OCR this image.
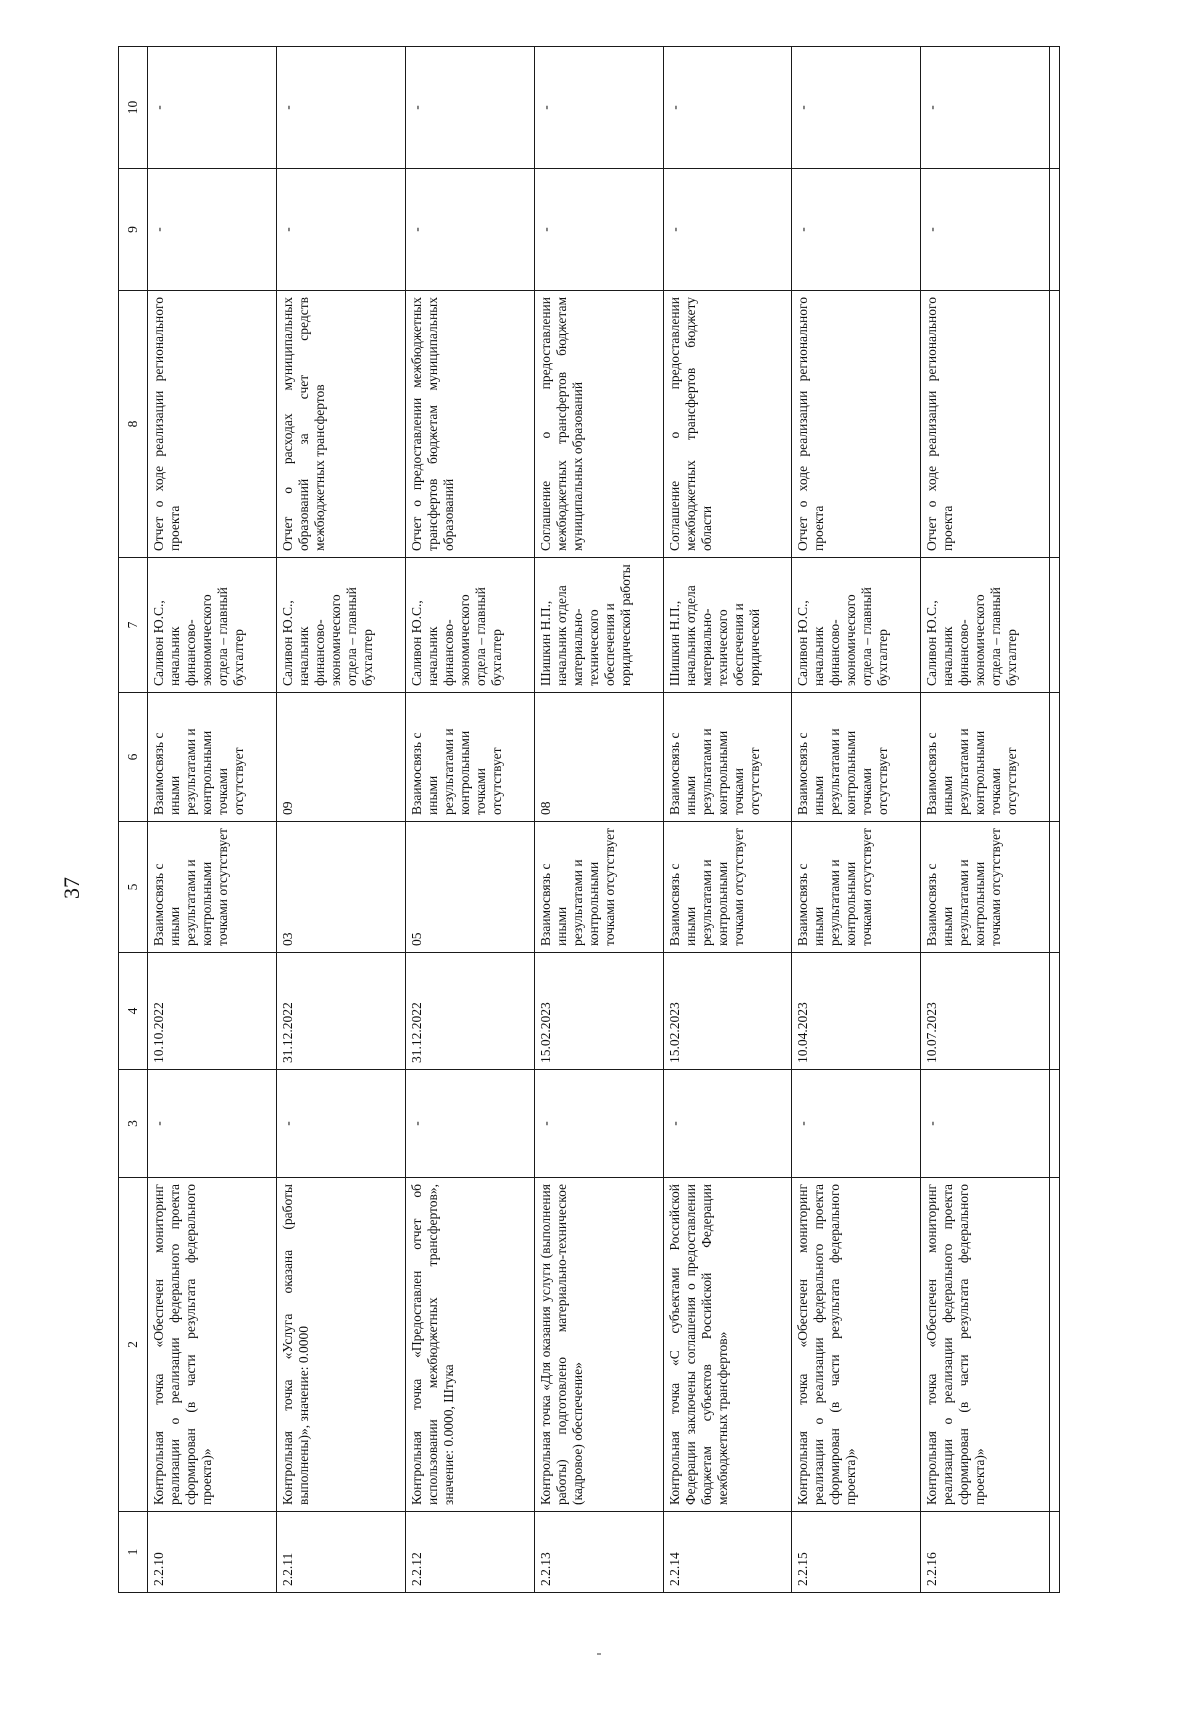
37
1	2	3	4	5	6	7	8	9	10
2.2.10	Контрольная точка «Обеспечен мониторинг реализации о реализации федерального проекта сформирован (в части результата федерального проекта)»	-	10.10.2022	Взаимосвязь с иными результатами и контрольными точками отсутствует	Взаимосвязь с иными результатами и контрольными точками отсутствует	Саливон Ю.С., начальник финансово-экономического отдела – главный бухгалтер	Отчет о ходе реализации регионального проекта	-	-
2.2.11	Контрольная точка «Услуга оказана (работы выполнены)», значение: 0.0000	-	31.12.2022	03	09	Саливон Ю.С., начальник финансово-экономического отдела – главный бухгалтер	Отчет о расходах муниципальных образований за счет средств межбюджетных трансфертов	-	-
2.2.12	Контрольная точка «Предоставлен отчет об использовании межбюджетных трансфертов», значение: 0.0000, Штука	-	31.12.2022	05	Взаимосвязь с иными результатами и контрольными точками отсутствует	Саливон Ю.С., начальник финансово-экономического отдела – главный бухгалтер	Отчет о предоставлении межбюджетных трансфертов бюджетам муниципальных образований	-	-
2.2.13	Контрольная точка «Для оказания услуги (выполнения работы) подготовлено материально-техническое (кадровое) обеспечение»	-	15.02.2023	Взаимосвязь с иными результатами и контрольными точками отсутствует	08	Шишкин Н.П., начальник отдела материально-технического обеспечения и юридической работы	Соглашение о предоставлении межбюджетных трансфертов бюджетам муниципальных образований	-	-
2.2.14	Контрольная точка «С субъектами Российской Федерации заключены соглашения о предоставлении бюджетам субъектов Российской Федерации межбюджетных трансфертов»	-	15.02.2023	Взаимосвязь с иными результатами и контрольными точками отсутствует	Взаимосвязь с иными результатами и контрольными точками отсутствует	Шишкин Н.П., начальник отдела материально-технического обеспечения и юридической	Соглашение о предоставлении межбюджетных трансфертов бюджету области	-	-
2.2.15	Контрольная точка «Обеспечен мониторинг реализации о реализации федерального проекта сформирован (в части результата федерального проекта)»	-	10.04.2023	Взаимосвязь с иными результатами и контрольными точками отсутствует	Взаимосвязь с иными результатами и контрольными точками отсутствует	Саливон Ю.С., начальник финансово-экономического отдела – главный бухгалтер	Отчет о ходе реализации регионального проекта	-	-
2.2.16	Контрольная точка «Обеспечен мониторинг реализации о реализации федерального проекта сформирован (в части результата федерального проекта)»	-	10.07.2023	Взаимосвязь с иными результатами и контрольными точками отсутствует	Взаимосвязь с иными результатами и контрольными точками отсутствует	Саливон Ю.С., начальник финансово-экономического отдела – главный бухгалтер	Отчет о ходе реализации регионального проекта	-	-
